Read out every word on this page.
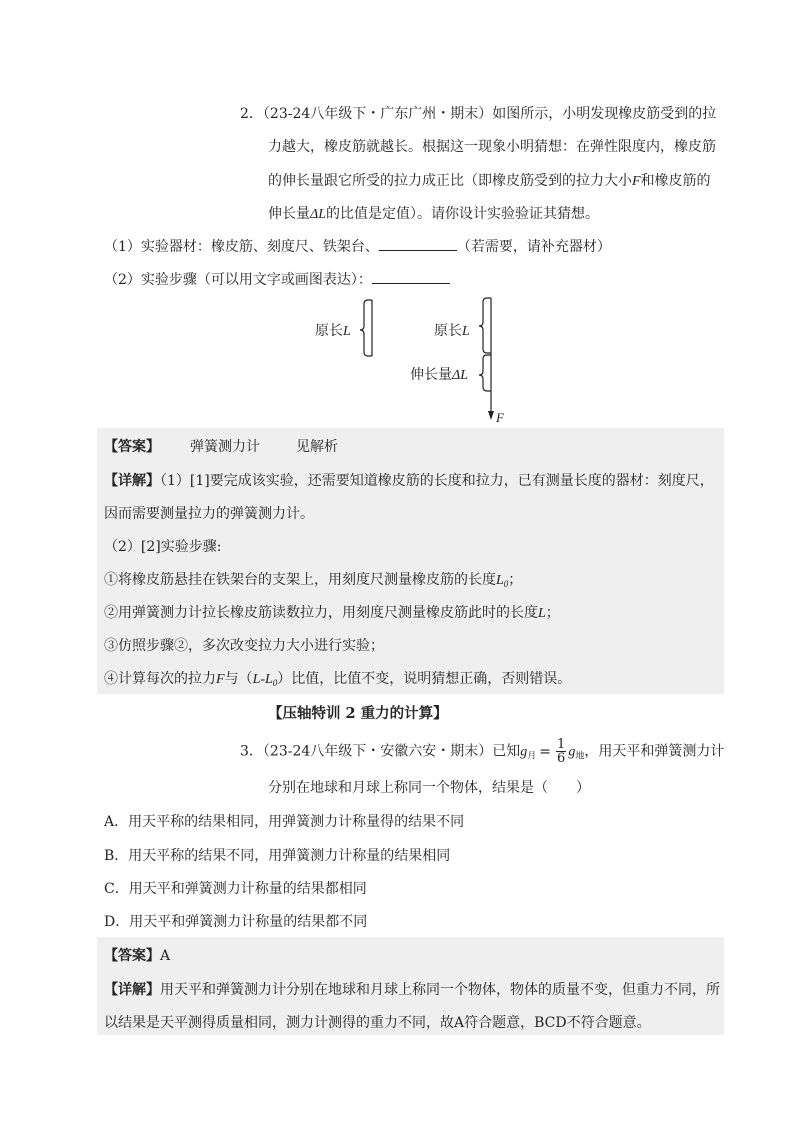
2．（23-24八年级下・广东广州・期末）如图所示，小明发现橡皮筋受到的拉
力越大，橡皮筋就越长。根据这一现象小明猜想：在弹性限度内，橡皮筋
的伸长量跟它所受的拉力成正比（即橡皮筋受到的拉力大小F和橡皮筋的
伸长量ΔL的比值是定值）。请你设计实验验证其猜想。
（1）实验器材：橡皮筋、刻度尺、铁架台、	（若需要，请补充器材）
（2）实验步骤（可以用文字或画图表达）：
原长L	原长L
伸长量ΔL
F
【答案】 弹簧测力计	见解析
【详解】（1）[1]要完成该实验，还需要知道橡皮筋的长度和拉力，已有测量长度的器材：刻度尺，
因而需要测量拉力的弹簧测力计。
（2）[2]实验步骤:
①将橡皮筋悬挂在铁架台的支架上，用刻度尺测量橡皮筋的长度$L_0$；
②用弹簧测力计拉长橡皮筋读数拉力，用刻度尺测量橡皮筋此时的长度L；
③仿照步骤②，多次改变拉力大小进行实验；
④计算每次的拉力F与$(L-L_0)$比值，比值不变，说明猜想正确，否则错误。
【压轴特训 2 重力的计算】
3．（23-24八年级下・安徽六安・期末）已知$g_月 = \frac{1}{6} g_地$，用天平和弹簧测力计
分别在地球和月球上称同一个物体，结果是（　　）
A．用天平称的结果相同，用弹簧测力计称量得的结果不同
B．用天平称的结果不同，用弹簧测力计称量的结果相同
C．用天平和弹簧测力计称量的结果都相同
D．用天平和弹簧测力计称量的结果都不同
【答案】A
【详解】用天平和弹簧测力计分别在地球和月球上称同一个物体，物体的质量不变，但重力不同，所
以结果是天平测得质量相同，测力计测得的重力不同，故A符合题意，BCD不符合题意。
